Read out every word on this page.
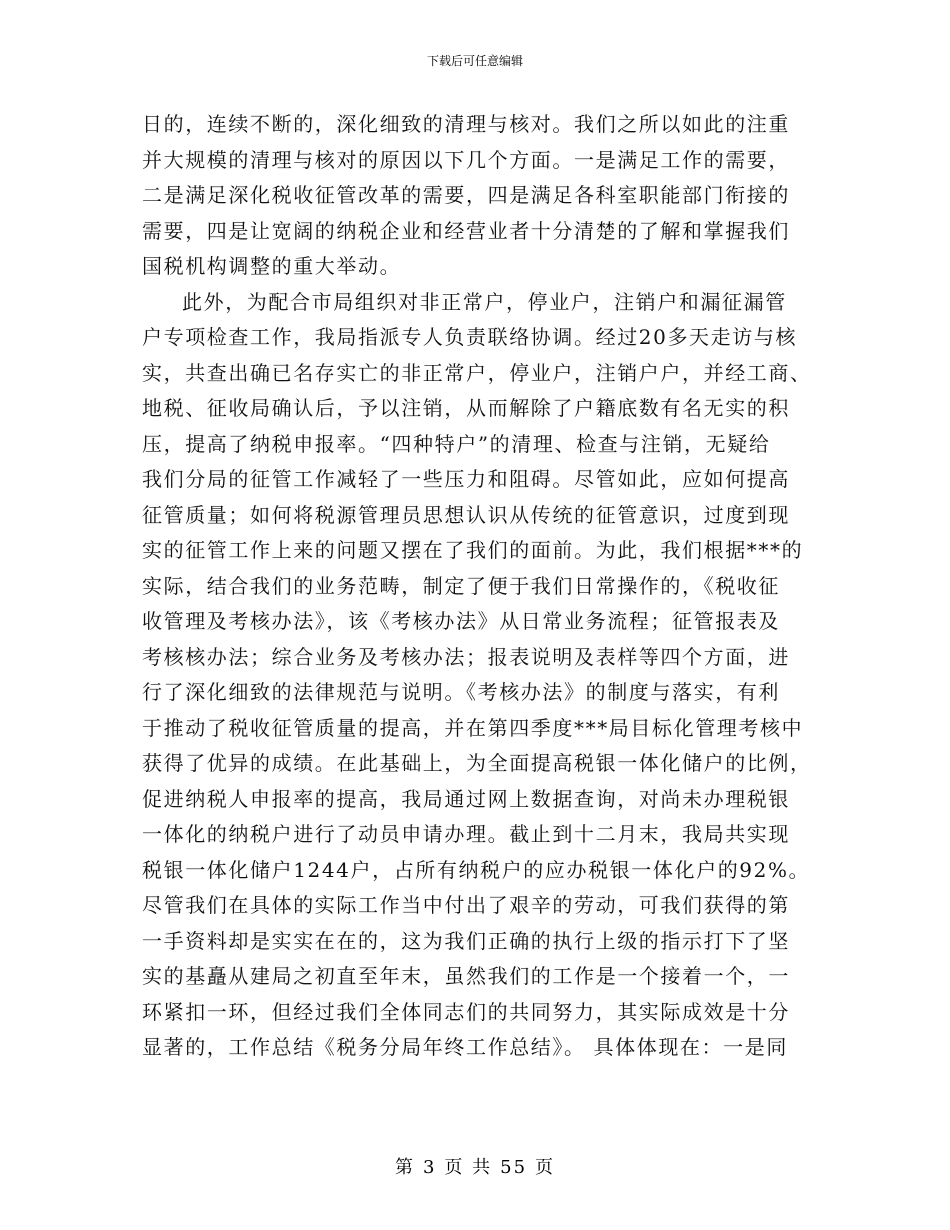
下载后可任意编辑
日的，连续不断的，深化细致的清理与核对。我们之所以如此的注重
并大规模的清理与核对的原因以下几个方面。一是满足工作的需要，
二是满足深化税收征管改革的需要，四是满足各科室职能部门衔接的
需要，四是让宽阔的纳税企业和经营业者十分清楚的了解和掌握我们
国税机构调整的重大举动。
此外，为配合市局组织对非正常户，停业户，注销户和漏征漏管
户专项检查工作，我局指派专人负责联络协调。经过20多天走访与核
实，共查出确已名存实亡的非正常户，停业户，注销户户，并经工商、
地税、征收局确认后，予以注销，从而解除了户籍底数有名无实的积
压，提高了纳税申报率。“四种特户”的清理、检查与注销，无疑给
我们分局的征管工作减轻了一些压力和阻碍。尽管如此，应如何提高
征管质量；如何将税源管理员思想认识从传统的征管意识，过度到现
实的征管工作上来的问题又摆在了我们的面前。为此，我们根据***的
实际，结合我们的业务范畴，制定了便于我们日常操作的，《税收征
收管理及考核办法》，该《考核办法》从日常业务流程；征管报表及
考核核办法；综合业务及考核办法；报表说明及表样等四个方面，进
行了深化细致的法律规范与说明。《考核办法》的制度与落实，有利
于推动了税收征管质量的提高，并在第四季度***局目标化管理考核中
获得了优异的成绩。在此基础上，为全面提高税银一体化储户的比例，
促进纳税人申报率的提高，我局通过网上数据查询，对尚未办理税银
一体化的纳税户进行了动员申请办理。截止到十二月末，我局共实现
税银一体化储户1244户，占所有纳税户的应办税银一体化户的92%。
尽管我们在具体的实际工作当中付出了艰辛的劳动，可我们获得的第
一手资料却是实实在在的，这为我们正确的执行上级的指示打下了坚
实的基矗从建局之初直至年末，虽然我们的工作是一个接着一个，一
环紧扣一环，但经过我们全体同志们的共同努力，其实际成效是十分
显著的，工作总结《税务分局年终工作总结》。 具体体现在：一是同
第 3 页 共 55 页
